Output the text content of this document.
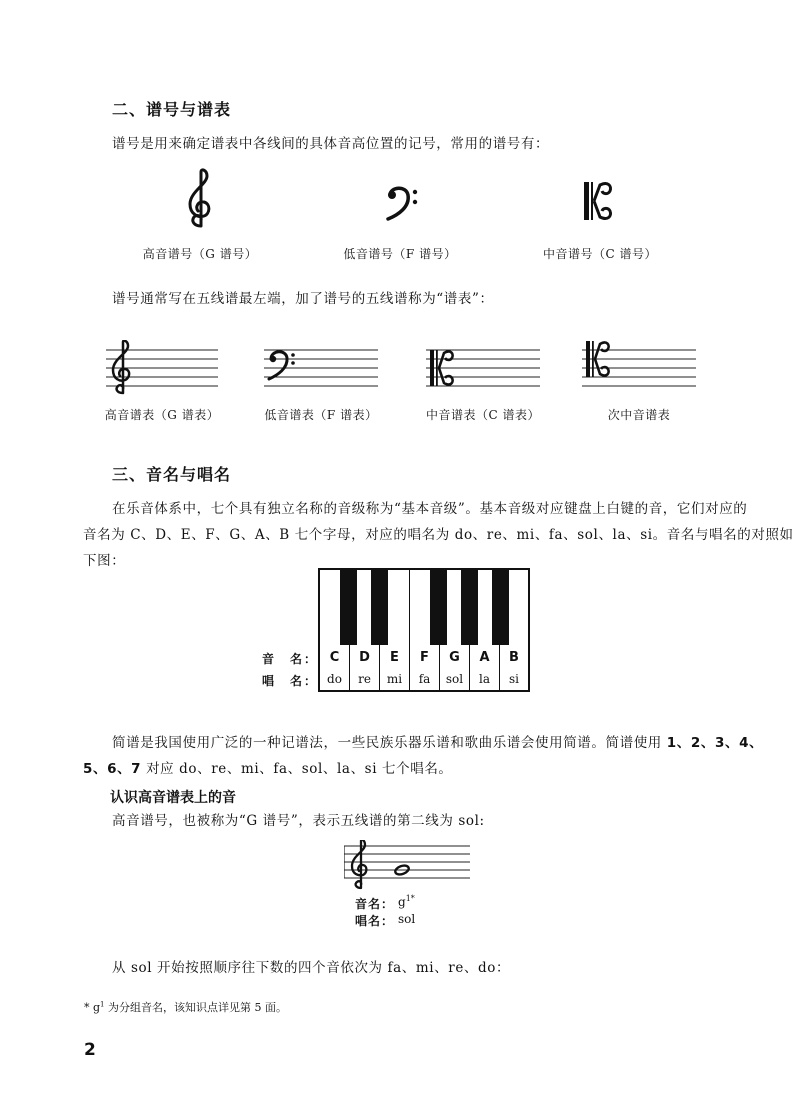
二、谱号与谱表
谱号是用来确定谱表中各线间的具体音高位置的记号，常用的谱号有：
高音谱号（G 谱号）	低音谱号（F 谱号）	中音谱号（C 谱号）
谱号通常写在五线谱最左端，加了谱号的五线谱称为“谱表”：
高音谱表（G 谱表）	低音谱表（F 谱表）	中音谱表（C 谱表）	次中音谱表
三、音名与唱名
在乐音体系中，七个具有独立名称的音级称为“基本音级”。基本音级对应键盘上白键的音，它们对应的
音名为 C、D、E、F、G、A、B 七个字母，对应的唱名为 do、re、mi、fa、sol、la、si。音名与唱名的对照如下图：
C	D	E	F	G	A	B
do	re	mi	fa	sol	la	si
音　名：
唱　名：
简谱是我国使用广泛的一种记谱法，一些民族乐器乐谱和歌曲乐谱会使用简谱。简谱使用 1、2、3、4、
5、6、7 对应 do、re、mi、fa、sol、la、si 七个唱名。
认识高音谱表上的音
高音谱号，也被称为“G 谱号”，表示五线谱的第二线为 sol:
音名： $g^{1*}$
唱名： sol
从 sol 开始按照顺序往下数的四个音依次为 fa、mi、re、do：
* $g^1$ 为分组音名，该知识点详见第 5 面。
2
